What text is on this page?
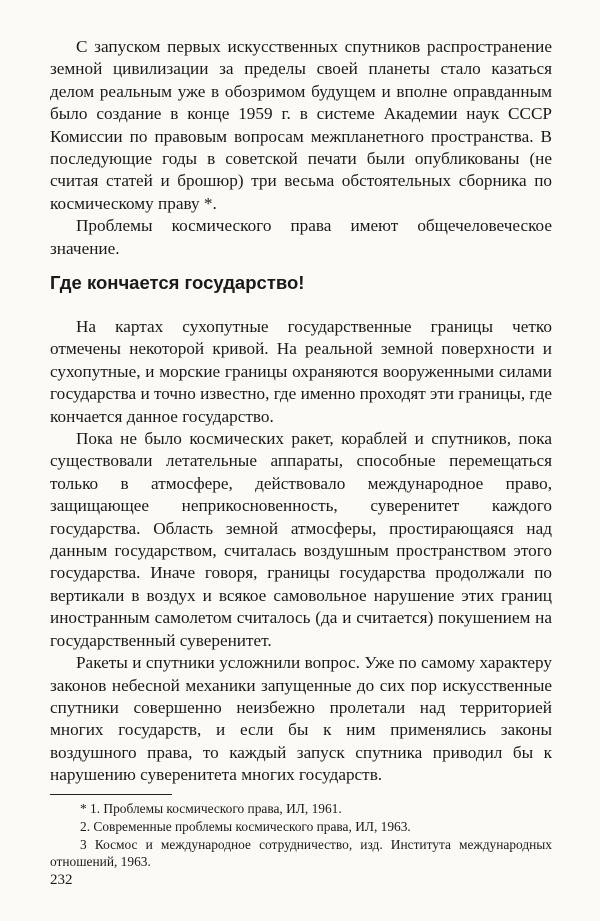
С запуском первых искусственных спутников распространение земной цивилизации за пределы своей планеты стало казаться делом реальным уже в обозримом будущем и вполне оправданным было создание в конце 1959 г. в системе Академии наук СССР Комиссии по правовым вопросам межпланетного пространства. В последующие годы в советской печати были опубликованы (не считая статей и брошюр) три весьма обстоятельных сборника по космическому праву *.

Проблемы космического права имеют общечеловеческое значение.

Где кончается государство!

На картах сухопутные государственные границы четко отмечены некоторой кривой. На реальной земной поверхности и сухопутные, и морские границы охраняются вооруженными силами государства и точно известно, где именно проходят эти границы, где кончается данное государство.

Пока не было космических ракет, кораблей и спутников, пока существовали летательные аппараты, способные перемещаться только в атмосфере, действовало международное право, защищающее неприкосновенность, суверенитет каждого государства. Область земной атмосферы, простирающаяся над данным государством, считалась воздушным пространством этого государства. Иначе говоря, границы государства продолжали по вертикали в воздух и всякое самовольное нарушение этих границ иностранным самолетом считалось (да и считается) покушением на государственный суверенитет.

Ракеты и спутники усложнили вопрос. Уже по самому характеру законов небесной механики запущенные до сих пор искусственные спутники совершенно неизбежно пролетали над территорией многих государств, и если бы к ним применялись законы воздушного права, то каждый запуск спутника приводил бы к нарушению суверенитета многих государств.

* 1. Проблемы космического права, ИЛ, 1961.

2. Современные проблемы космического права, ИЛ, 1963.

3 Космос и международное сотрудничество, изд. Института международных отношений, 1963.

232
